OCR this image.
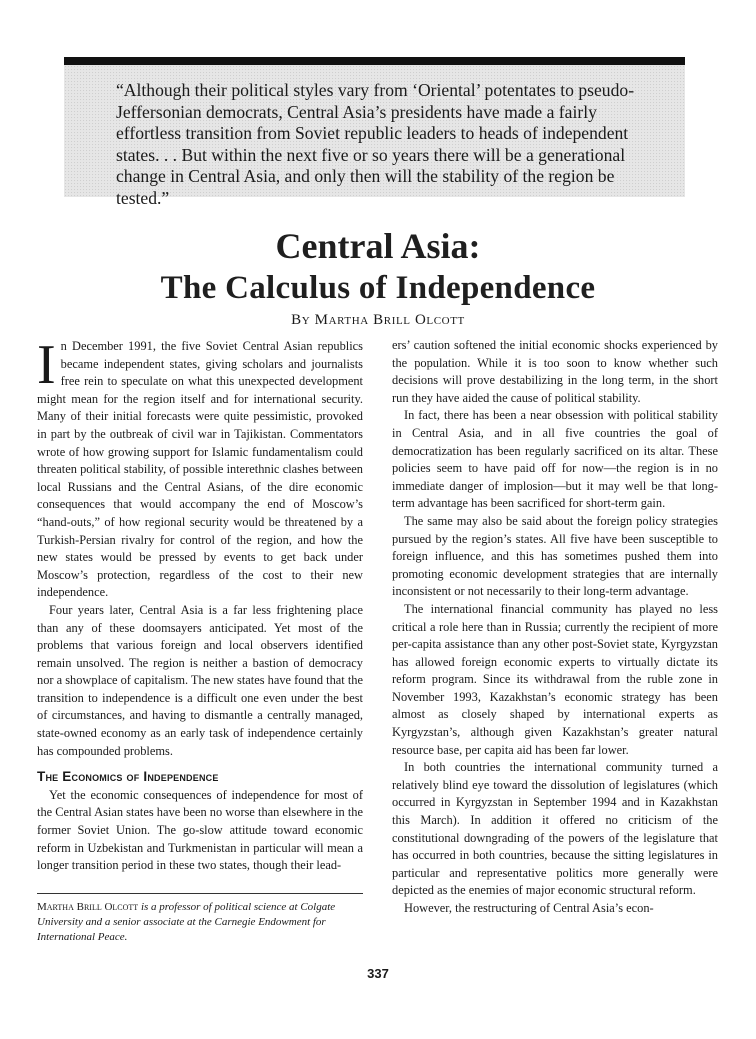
“Although their political styles vary from ‘Oriental’ potentates to pseudo-Jeffersonian democrats, Central Asia’s presidents have made a fairly effortless transition from Soviet republic leaders to heads of independent states. . . But within the next five or so years there will be a generational change in Central Asia, and only then will the stability of the region be tested.”
Central Asia:
The Calculus of Independence
By Martha Brill Olcott

In December 1991, the five Soviet Central Asian republics became independent states, giving scholars and journalists free rein to speculate on what this unexpected development might mean for the region itself and for international security. Many of their initial forecasts were quite pessimistic, provoked in part by the outbreak of civil war in Tajikistan. Commentators wrote of how growing support for Islamic fundamentalism could threaten political stability, of possible interethnic clashes between local Russians and the Central Asians, of the dire economic consequences that would accompany the end of Moscow’s “hand-outs,” of how regional security would be threatened by a Turkish-Persian rivalry for control of the region, and how the new states would be pressed by events to get back under Moscow’s protection, regardless of the cost to their new independence.

Four years later, Central Asia is a far less frightening place than any of these doomsayers anticipated. Yet most of the problems that various foreign and local observers identified remain unsolved. The region is neither a bastion of democracy nor a showplace of capitalism. The new states have found that the transition to independence is a difficult one even under the best of circumstances, and having to dismantle a centrally managed, state-owned economy as an early task of independence certainly has compounded problems.

The Economics of Independence

Yet the economic consequences of independence for most of the Central Asian states have been no worse than elsewhere in the former Soviet Union. The go-slow attitude toward economic reform in Uzbekistan and Turkmenistan in particular will mean a longer transition period in these two states, though their lead-

Martha Brill Olcott is a professor of political science at Colgate University and a senior associate at the Carnegie Endowment for International Peace.

ers’ caution softened the initial economic shocks experienced by the population. While it is too soon to know whether such decisions will prove destabilizing in the long term, in the short run they have aided the cause of political stability.

In fact, there has been a near obsession with political stability in Central Asia, and in all five countries the goal of democratization has been regularly sacrificed on its altar. These policies seem to have paid off for now—the region is in no immediate danger of implosion—but it may well be that long-term advantage has been sacrificed for short-term gain.

The same may also be said about the foreign policy strategies pursued by the region’s states. All five have been susceptible to foreign influence, and this has sometimes pushed them into promoting economic development strategies that are internally inconsistent or not necessarily to their long-term advantage.

The international financial community has played no less critical a role here than in Russia; currently the recipient of more per-capita assistance than any other post-Soviet state, Kyrgyzstan has allowed foreign economic experts to virtually dictate its reform program. Since its withdrawal from the ruble zone in November 1993, Kazakhstan’s economic strategy has been almost as closely shaped by international experts as Kyrgyzstan’s, although given Kazakhstan’s greater natural resource base, per capita aid has been far lower.

In both countries the international community turned a relatively blind eye toward the dissolution of legislatures (which occurred in Kyrgyzstan in September 1994 and in Kazakhstan this March). In addition it offered no criticism of the constitutional downgrading of the powers of the legislature that has occurred in both countries, because the sitting legislatures in particular and representative politics more generally were depicted as the enemies of major economic structural reform.

However, the restructuring of Central Asia’s econ-

337
